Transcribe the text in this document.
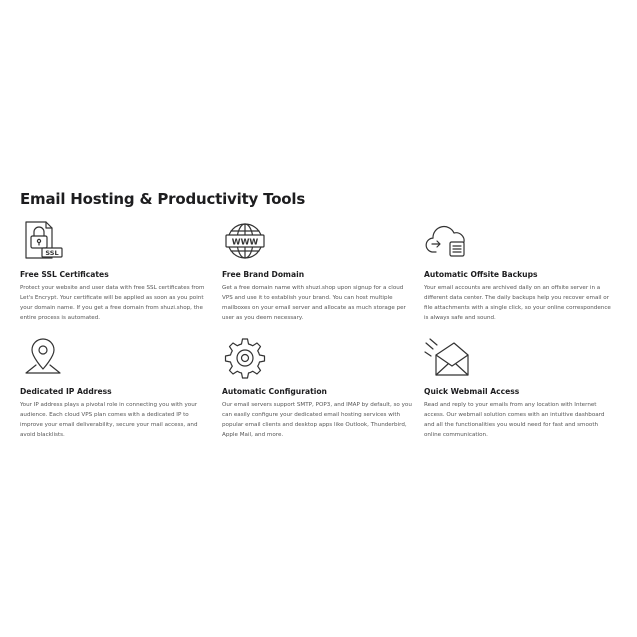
Email Hosting & Productivity Tools
SSL
Free SSL Certificates

Protect your website and user data with free SSL certificates from Let's Encrypt. Your certificate will be applied as soon as you point your domain name. If you get a free domain from shuzi.shop, the entire process is automated.

WWW
Free Brand Domain

Get a free domain name with shuzi.shop upon signup for a cloud VPS and use it to establish your brand. You can host multiple mailboxes on your email server and allocate as much storage per user as you deem necessary.

Automatic Offsite Backups

Your email accounts are archived daily on an offsite server in a different data center. The daily backups help you recover email or file attachments with a single click, so your online correspondence is always safe and sound.

Dedicated IP Address

Your IP address plays a pivotal role in connecting you with your audience. Each cloud VPS plan comes with a dedicated IP to improve your email deliverability, secure your mail access, and avoid blacklists.

Automatic Configuration

Our email servers support SMTP, POP3, and IMAP by default, so you can easily configure your dedicated email hosting services with popular email clients and desktop apps like Outlook, Thunderbird, Apple Mail, and more.

Quick Webmail Access

Read and reply to your emails from any location with Internet access. Our webmail solution comes with an intuitive dashboard and all the functionalities you would need for fast and smooth online communication.
